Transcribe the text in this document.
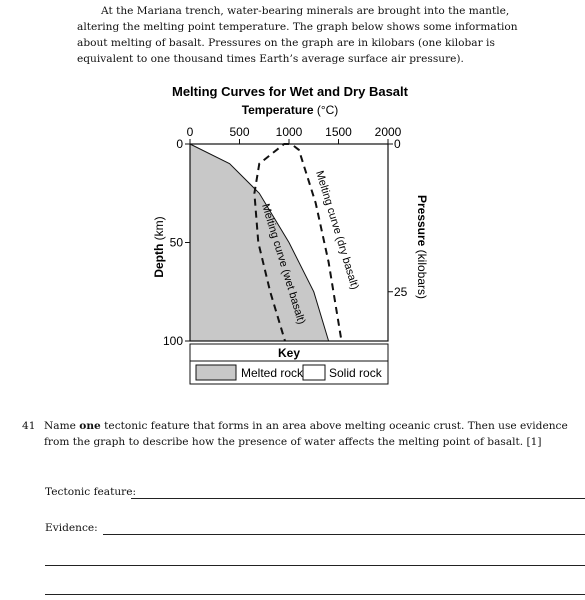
At the Mariana trench, water-bearing minerals are brought into the mantle, altering the melting point temperature. The graph below shows some information about melting of basalt. Pressures on the graph are in kilobars (one kilobar is equivalent to one thousand times Earth’s average surface air pressure).

Melting Curves for Wet and Dry Basalt
Temperature (°C)
0	500 1000 1500 2000
0
50
100
0
25
Depth (km)	Pressure (kilobars)
Melting curve (wet basalt) Melting curve (dry basalt)
Key
Melted rock Solid rock
41 Name one tectonic feature that forms in an area above melting oceanic crust. Then use evidence from the graph to describe how the presence of water affects the melting point of basalt. [1]
Tectonic feature:
Evidence:
